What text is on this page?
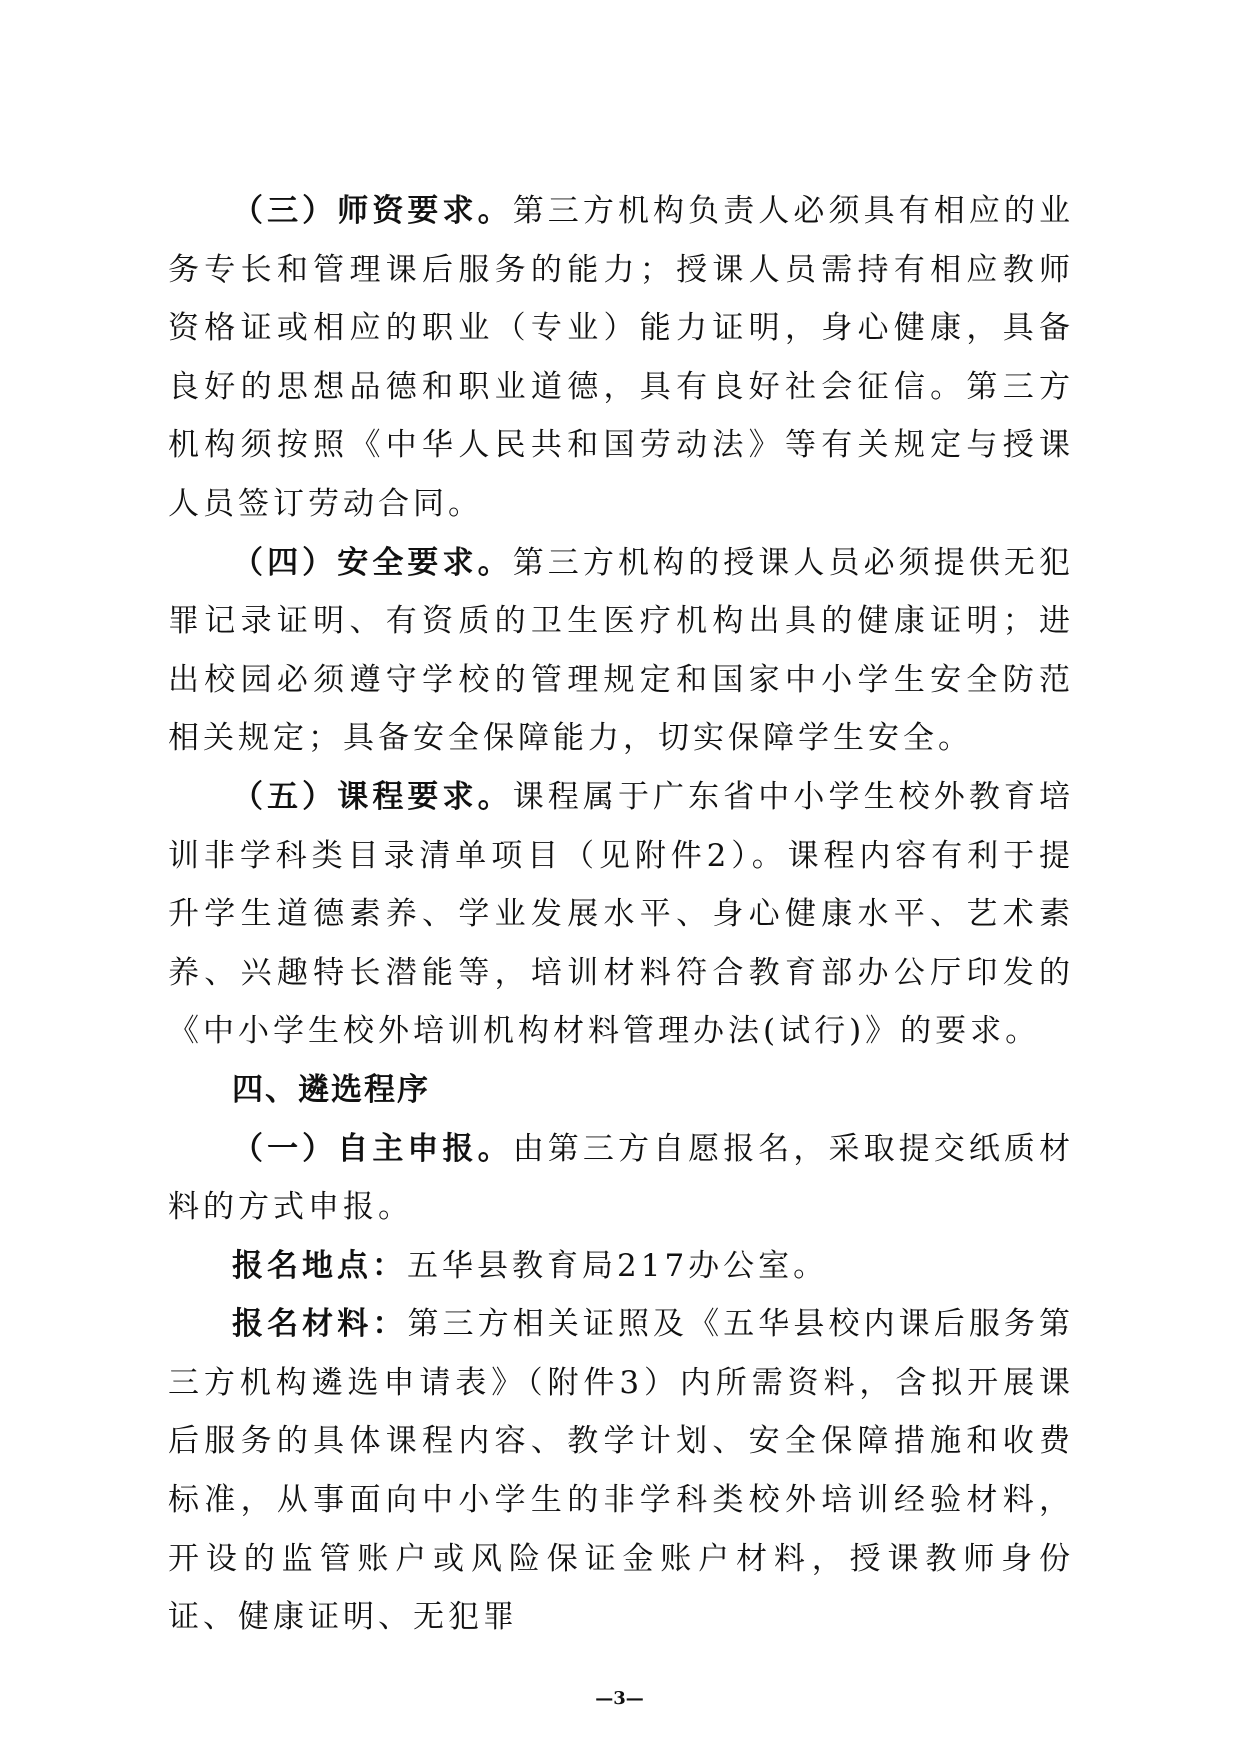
（三）师资要求。第三方机构负责人必须具有相应的业务专长和管理课后服务的能力；授课人员需持有相应教师资格证或相应的职业（专业）能力证明，身心健康，具备良好的思想品德和职业道德，具有良好社会征信。第三方机构须按照《中华人民共和国劳动法》等有关规定与授课人员签订劳动合同。

（四）安全要求。第三方机构的授课人员必须提供无犯罪记录证明、有资质的卫生医疗机构出具的健康证明；进出校园必须遵守学校的管理规定和国家中小学生安全防范相关规定；具备安全保障能力，切实保障学生安全。

（五）课程要求。课程属于广东省中小学生校外教育培训非学科类目录清单项目（见附件2）。课程内容有利于提升学生道德素养、学业发展水平、身心健康水平、艺术素养、兴趣特长潜能等，培训材料符合教育部办公厅印发的《中小学生校外培训机构材料管理办法(试行)》的要求。

四、遴选程序

（一）自主申报。由第三方自愿报名，采取提交纸质材料的方式申报。

报名地点：五华县教育局217办公室。

报名材料：第三方相关证照及《五华县校内课后服务第三方机构遴选申请表》（附件3）内所需资料，含拟开展课后服务的具体课程内容、教学计划、安全保障措施和收费标准，从事面向中小学生的非学科类校外培训经验材料，开设的监管账户或风险保证金账户材料，授课教师身份证、健康证明、无犯罪

—3—
